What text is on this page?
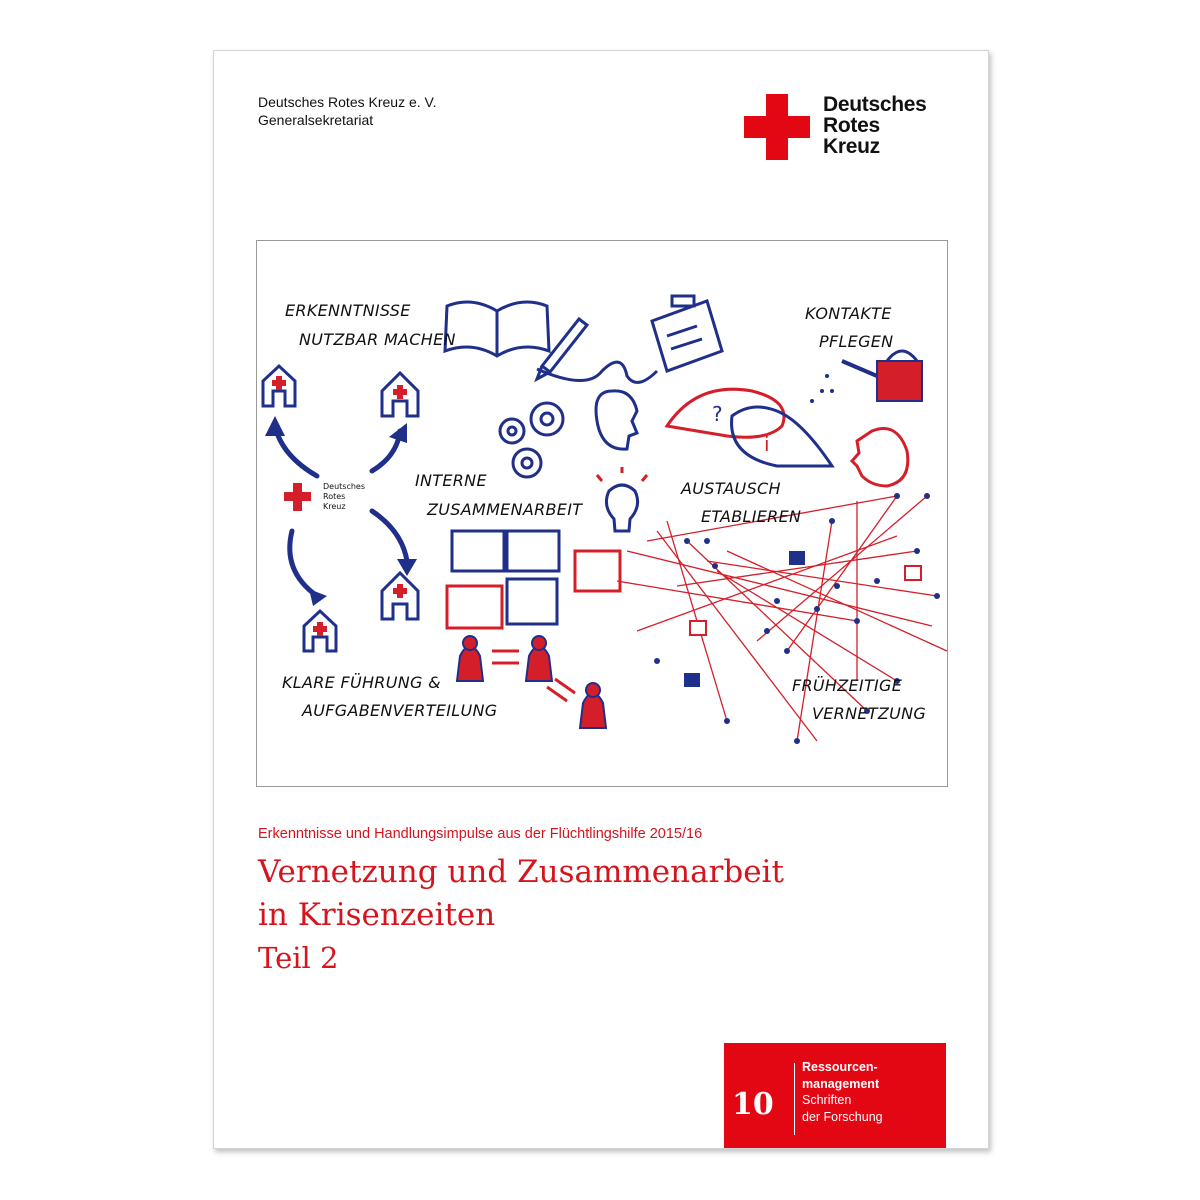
Deutsches Rotes Kreuz e. V.
Generalsekretariat
Deutsches
Rotes
Kreuz
?
i
ERKENNTNISSE
NUTZBAR MACHEN
KONTAKTE
PFLEGEN
INTERNE
ZUSAMMENARBEIT
AUSTAUSCH
ETABLIEREN
KLARE FÜHRUNG &
AUFGABENVERTEILUNG
FRÜHZEITIGE
VERNETZUNG
Deutsches
Rotes
Kreuz
Erkenntnisse und Handlungsimpulse aus der Flüchtlingshilfe 2015/16
Vernetzung und Zusammenarbeit
in Krisenzeiten
Teil 2
10
Ressourcen-
management
Schriften
der Forschung
